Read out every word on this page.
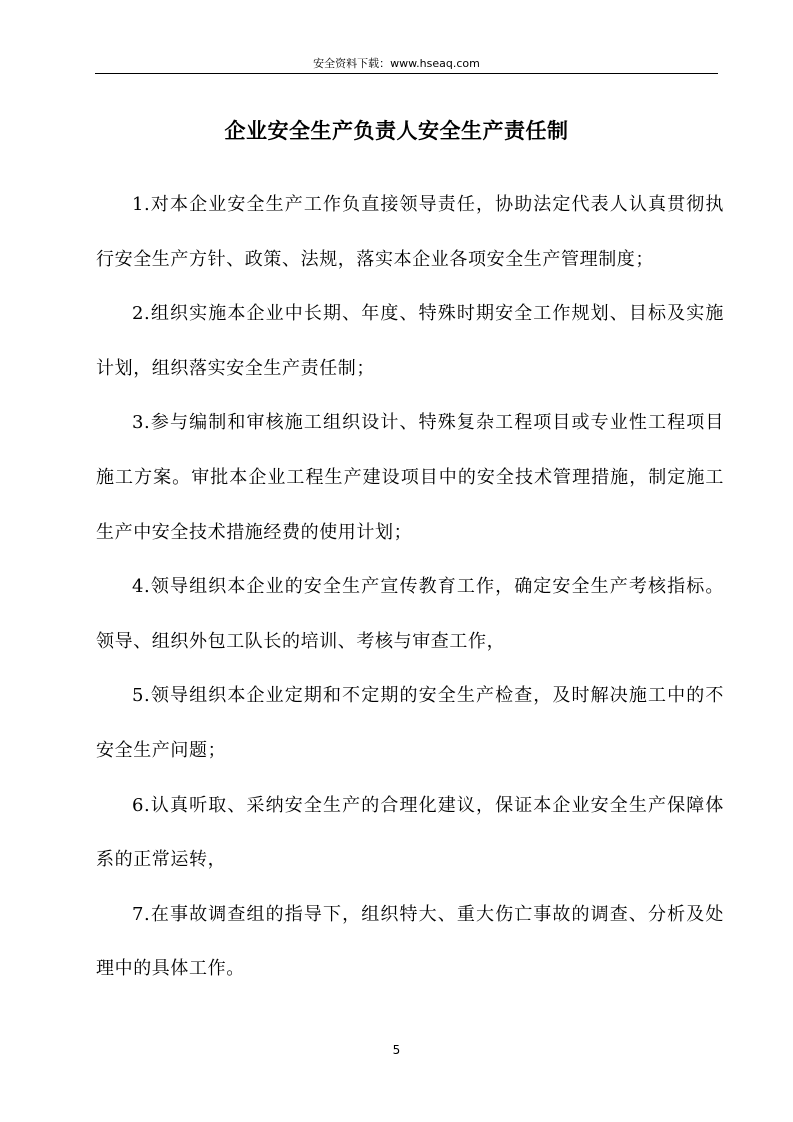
安全资料下载：www.hseaq.com
企业安全生产负责人安全生产责任制

1.对本企业安全生产工作负直接领导责任，协助法定代表人认真贯彻执行安全生产方针、政策、法规，落实本企业各项安全生产管理制度；

2.组织实施本企业中长期、年度、特殊时期安全工作规划、目标及实施计划，组织落实安全生产责任制；

3.参与编制和审核施工组织设计、特殊复杂工程项目或专业性工程项目施工方案。审批本企业工程生产建设项目中的安全技术管理措施，制定施工生产中安全技术措施经费的使用计划；

4.领导组织本企业的安全生产宣传教育工作，确定安全生产考核指标。领导、组织外包工队长的培训、考核与审查工作，

5.领导组织本企业定期和不定期的安全生产检查，及时解决施工中的不安全生产问题；

6.认真听取、采纳安全生产的合理化建议，保证本企业安全生产保障体系的正常运转，

7.在事故调查组的指导下，组织特大、重大伤亡事故的调查、分析及处理中的具体工作。

5
